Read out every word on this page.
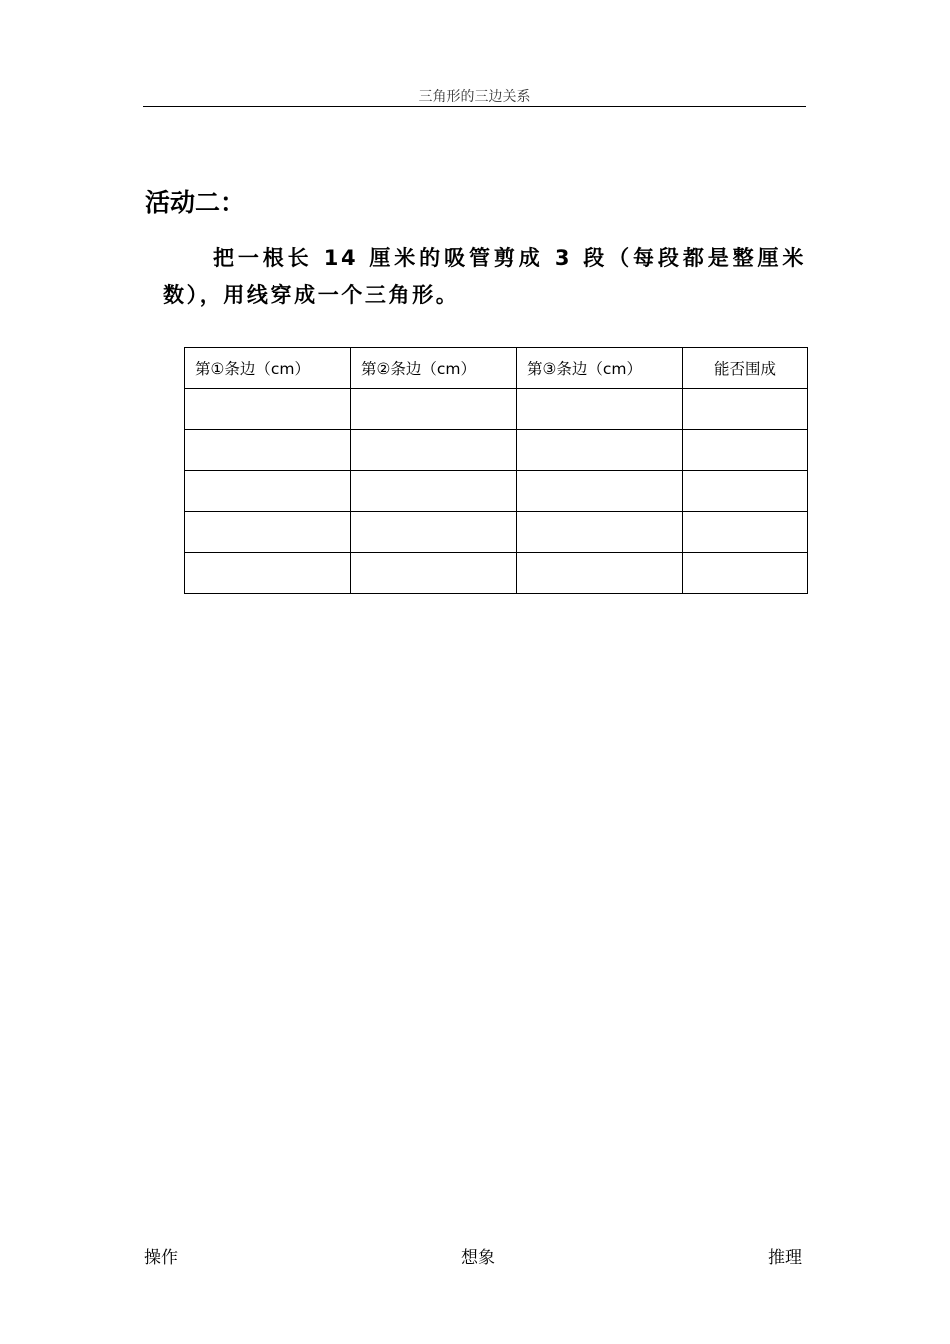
三角形的三边关系
活动二：
把一根长 14 厘米的吸管剪成 3 段（每段都是整厘米数），用线穿成一个三角形。
第①条边（cm）	第②条边（cm）	第③条边（cm）	能否围成

操作	想象	推理
